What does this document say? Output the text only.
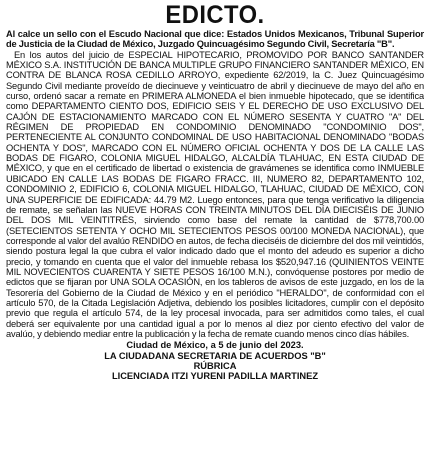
EDICTO.

Al calce un sello con el Escudo Nacional que dice: Estados Unidos Mexicanos, Tribunal Superior de Justicia de la Ciudad de México, Juzgado Quincuagésimo Segundo Civil, Secretaría "B".

En los autos del juicio de ESPECIAL HIPOTECARIO, PROMOVIDO POR BANCO SANTANDER MÉXICO S.A. INSTITUCIÓN DE BANCA MULTIPLE GRUPO FINANCIERO SANTANDER MÉXICO, EN CONTRA DE BLANCA ROSA CEDILLO ARROYO, expediente 62/2019, la C. Juez Quincuagésimo Segundo Civil mediante proveído de diecinueve y veinticuatro de abril y diecinueve de mayo del año en curso, ordenó sacar a remate en PRIMERA ALMONEDA el bien inmueble hipotecado, que se identifica como DEPARTAMENTO CIENTO DOS, EDIFICIO SEIS Y EL DERECHO DE USO EXCLUSIVO DEL CAJÓN DE ESTACIONAMIENTO MARCADO CON EL NÚMERO SESENTA Y CUATRO "A" DEL RÉGIMEN DE PROPIEDAD EN CONDOMINIO DENOMINADO "CONDOMINIO DOS", PERTENECIENTE AL CONJUNTO CONDOMINAL DE USO HABITACIONAL DENOMINADO "BODAS OCHENTA Y DOS", MARCADO CON EL NÚMERO OFICIAL OCHENTA Y DOS DE LA CALLE LAS BODAS DE FIGARO, COLONIA MIGUEL HIDALGO, ALCALDÍA TLAHUAC, EN ESTA CIUDAD DE MÉXICO, y que en el certificado de libertad o existencia de gravámenes se identifica como INMUEBLE UBICADO EN CALLE LAS BODAS DE FIGARO FRACC. III, NUMERO 82, DEPARTAMENTO 102, CONDOMINIO 2, EDIFICIO 6, COLONIA MIGUEL HIDALGO, TLAHUAC, CIUDAD DE MÉXICO, CON UNA SUPERFICIE DE EDIFICADA: 44.79 M2. Luego entonces, para que tenga verificativo la diligencia de remate, se señalan las NUEVE HORAS CON TREINTA MINUTOS DEL DÍA DIECISÉIS DE JUNIO DEL DOS MIL VEINTITRÉS, sirviendo como base del remate la cantidad de $778,700.00 (SETECIENTOS SETENTA Y OCHO MIL SETECIENTOS PESOS 00/100 MONEDA NACIONAL), que corresponde al valor del avalúo RENDIDO en autos, de fecha dieciséis de diciembre del dos mil veintidós, siendo postura legal la que cubra el valor indicado dado que el monto del adeudo es superior a dicho precio, y tomando en cuenta que el valor del inmueble rebasa los $520,947.16 (QUINIENTOS VEINTE MIL NOVECIENTOS CUARENTA Y SIETE PESOS 16/100 M.N.), convóquense postores por medio de edictos que se fijaran por UNA SOLA OCASIÓN, en los tableros de avisos de este juzgado, en los de la Tesorería del Gobierno de la Ciudad de México y en el periódico "HERALDO", de conformidad con el artículo 570, de la Citada Legislación Adjetiva, debiendo los posibles licitadores, cumplir con el depósito previo que regula el artículo 574, de la ley procesal invocada, para ser admitidos como tales, el cual deberá ser equivalente por una cantidad igual a por lo menos al diez por ciento efectivo del valor de avalúo, y debiendo mediar entre la publicación y la fecha de remate cuando menos cinco días hábiles.

Ciudad de México, a 5 de junio del 2023.
LA CIUDADANA SECRETARIA DE ACUERDOS "B"
RÚBRICA
LICENCIADA ITZI YURENI PADILLA MARTINEZ
